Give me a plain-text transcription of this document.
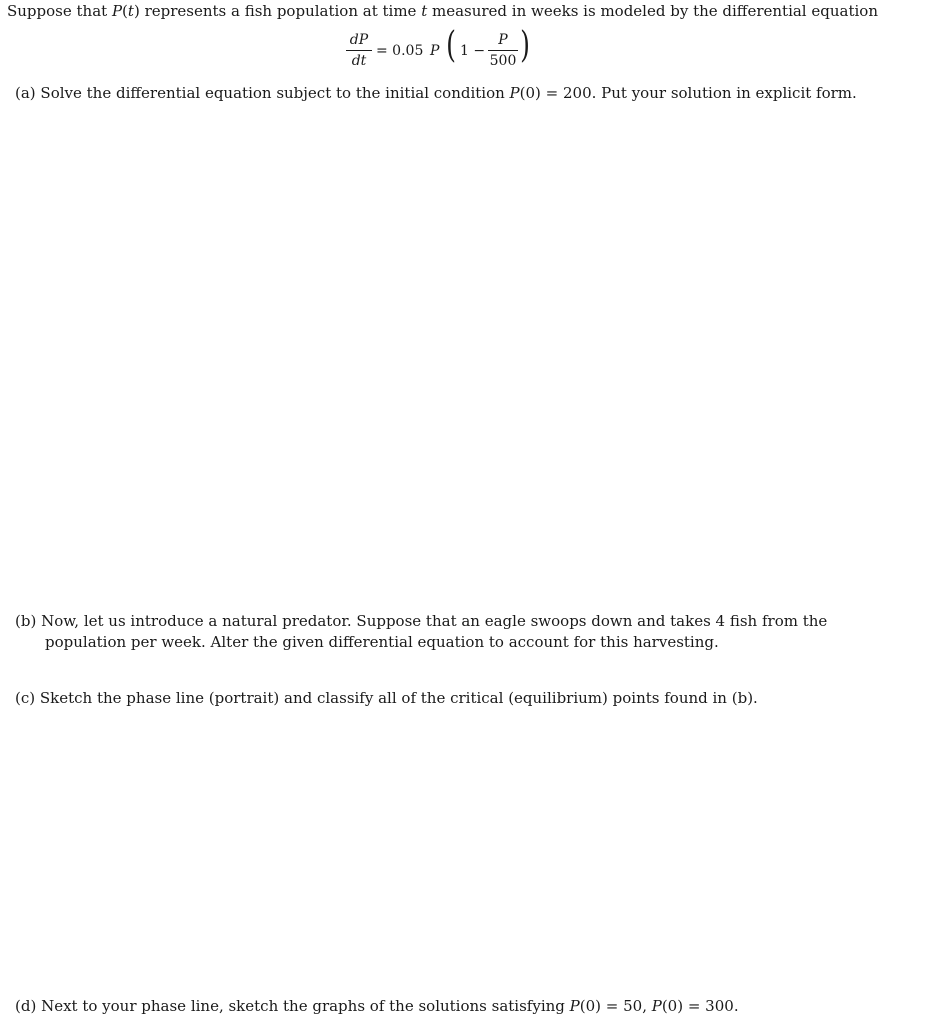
Suppose that P(t) represents a fish population at time t measured in weeks is modeled by the differential equation
dP
dt
= 0.05 P ( 1 −
P
500 )
(a) Solve the differential equation subject to the initial condition P(0) = 200. Put your solution in explicit form.
(b) Now, let us introduce a natural predator. Suppose that an eagle swoops down and takes 4 fish from the
population per week. Alter the given differential equation to account for this harvesting.
(c) Sketch the phase line (portrait) and classify all of the critical (equilibrium) points found in (b).
(d) Next to your phase line, sketch the graphs of the solutions satisfying P(0) = 50, P(0) = 300.
